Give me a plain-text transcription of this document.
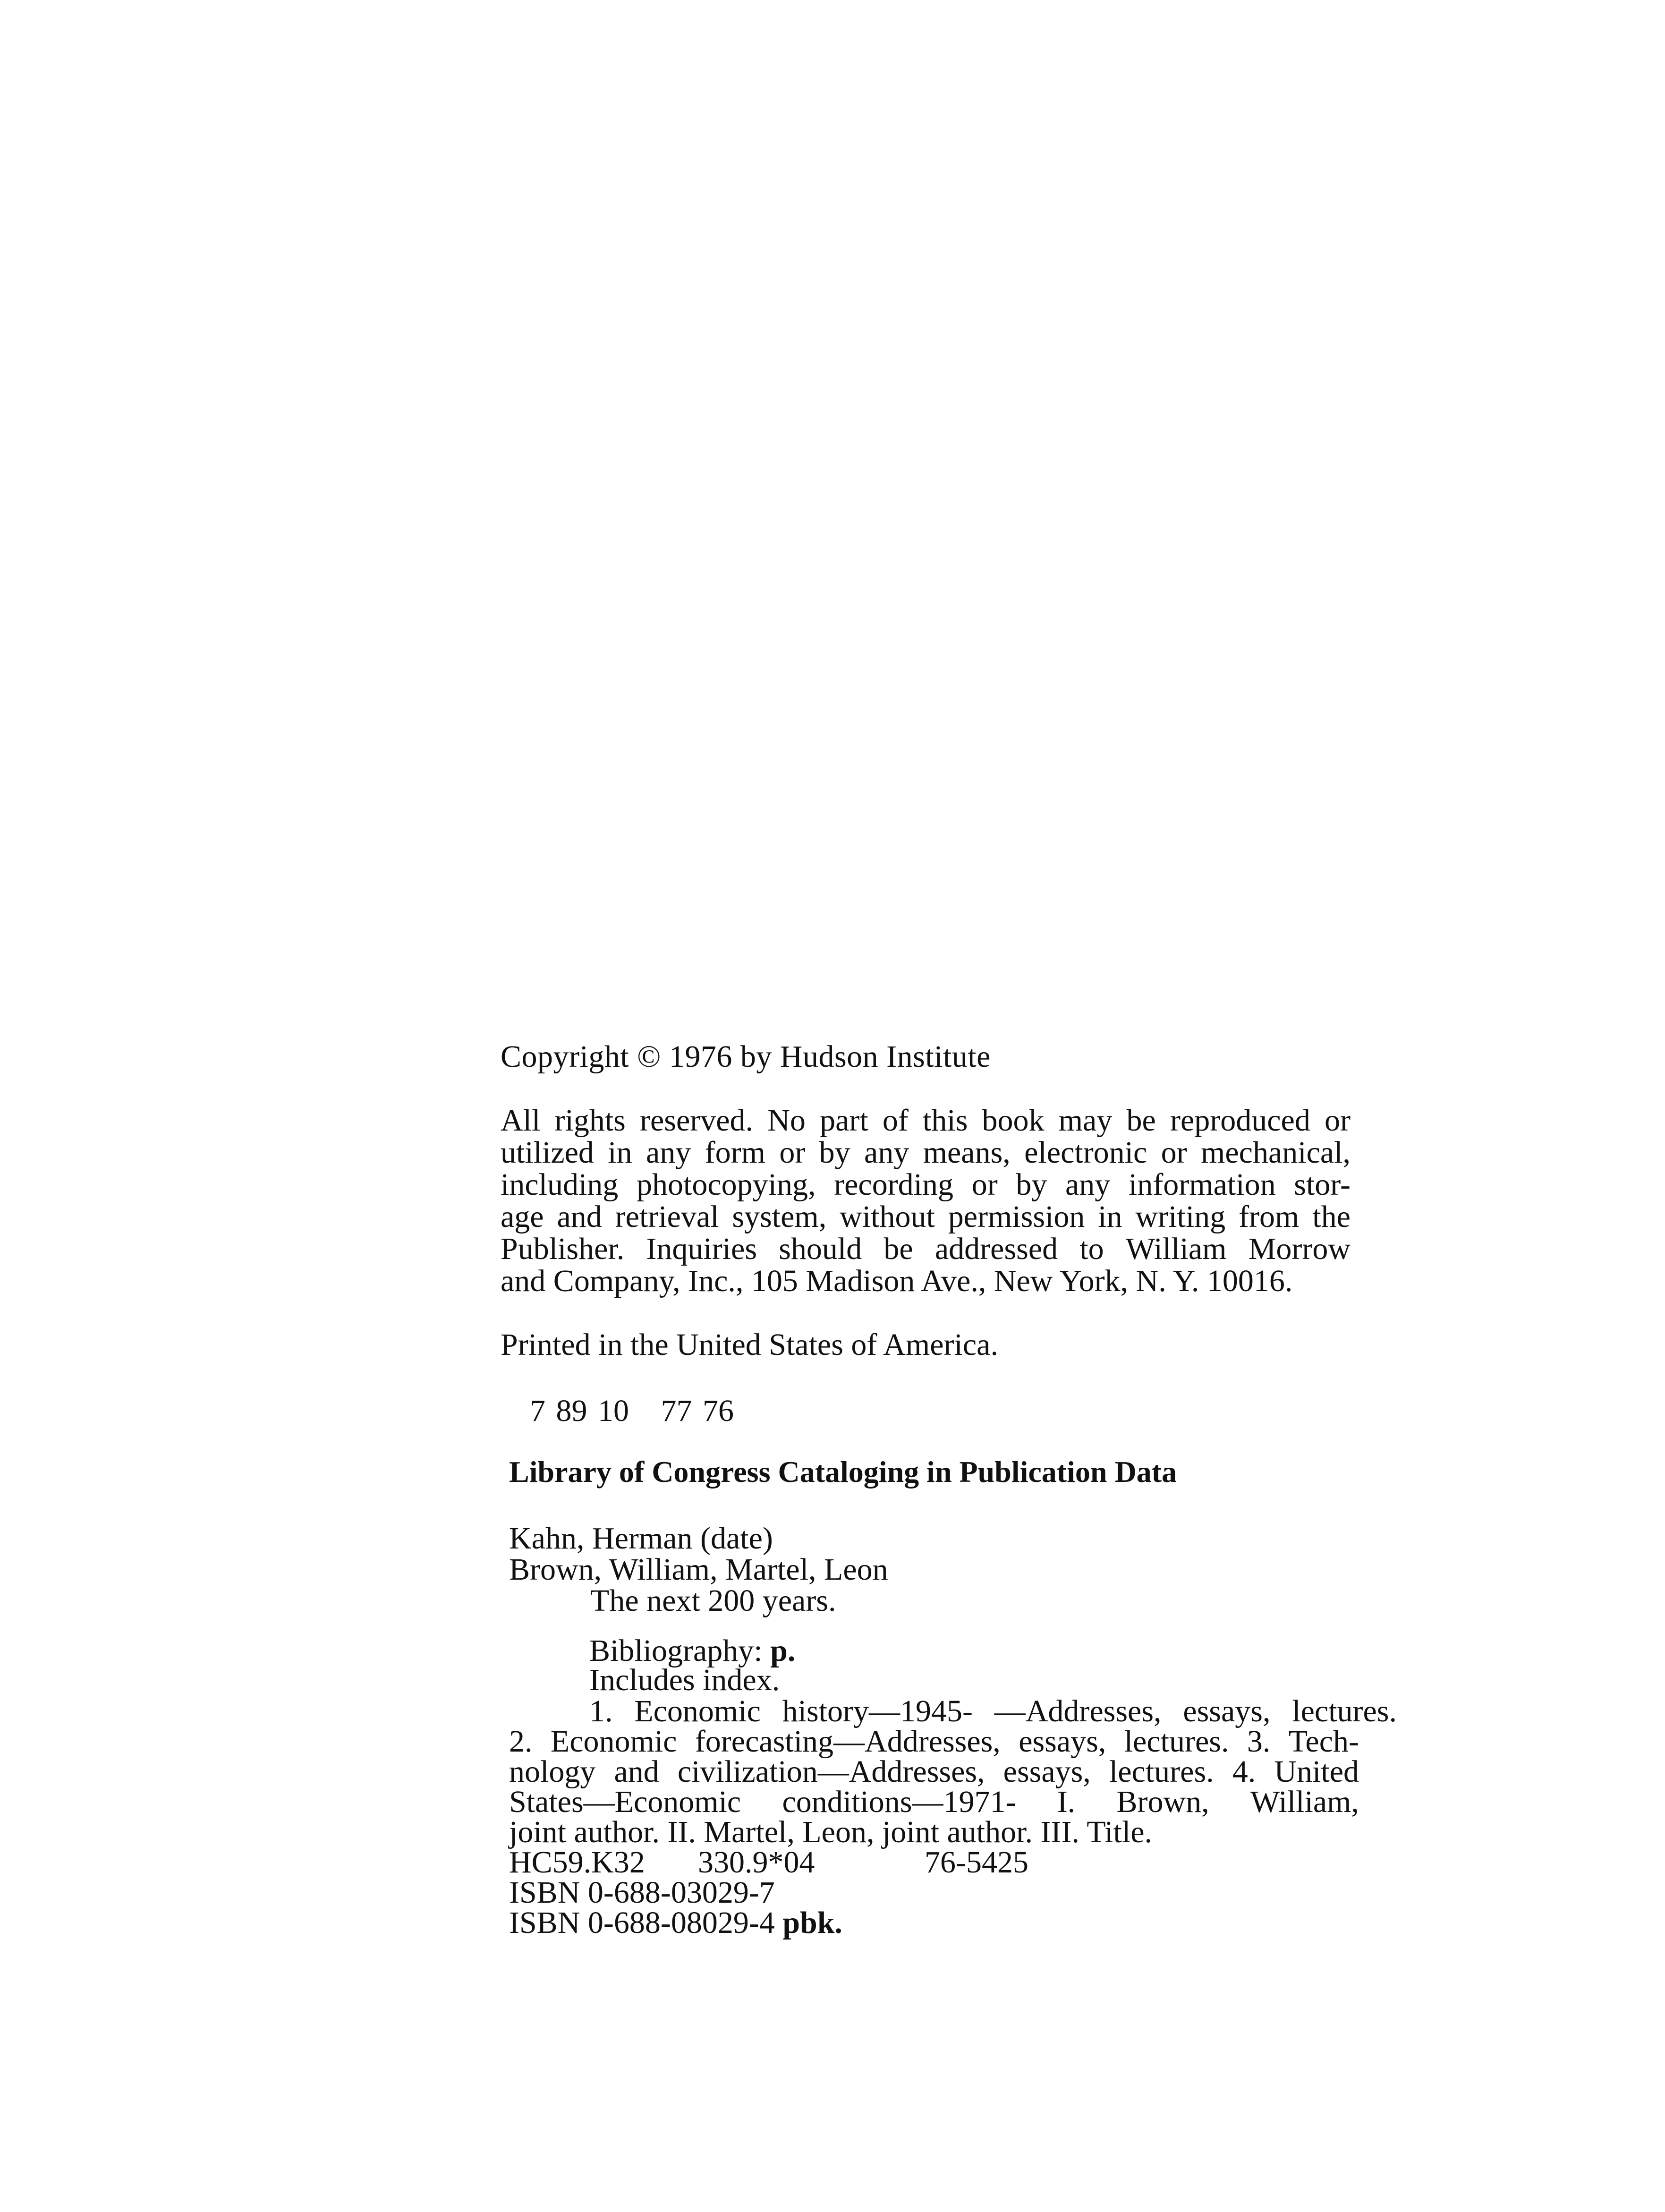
Copyright © 1976 by Hudson Institute

All rights reserved. No part of this book may be reproduced or
utilized in any form or by any means, electronic or mechanical,
including photocopying, recording or by any information stor-
age and retrieval system, without permission in writing from the
Publisher. Inquiries should be addressed to William Morrow
and Company, Inc., 105 Madison Ave., New York, N. Y. 10016.

Printed in the United States of America.

7 89 10   77 76

Library of Congress Cataloging in Publication Data

Kahn, Herman (date)
Brown, William, Martel, Leon
The next 200 years.
Bibliography: p.
Includes index.
1. Economic history—1945- —Addresses, essays, lectures.
2. Economic forecasting—Addresses, essays, lectures. 3. Tech-
nology and civilization—Addresses, essays, lectures. 4. United
States—Economic conditions—1971- I. Brown, William,
joint author. II. Martel, Leon, joint author. III. Title.
HC59.K32 330.9*04	76-5425
ISBN 0-688-03029-7
ISBN 0-688-08029-4 pbk.
